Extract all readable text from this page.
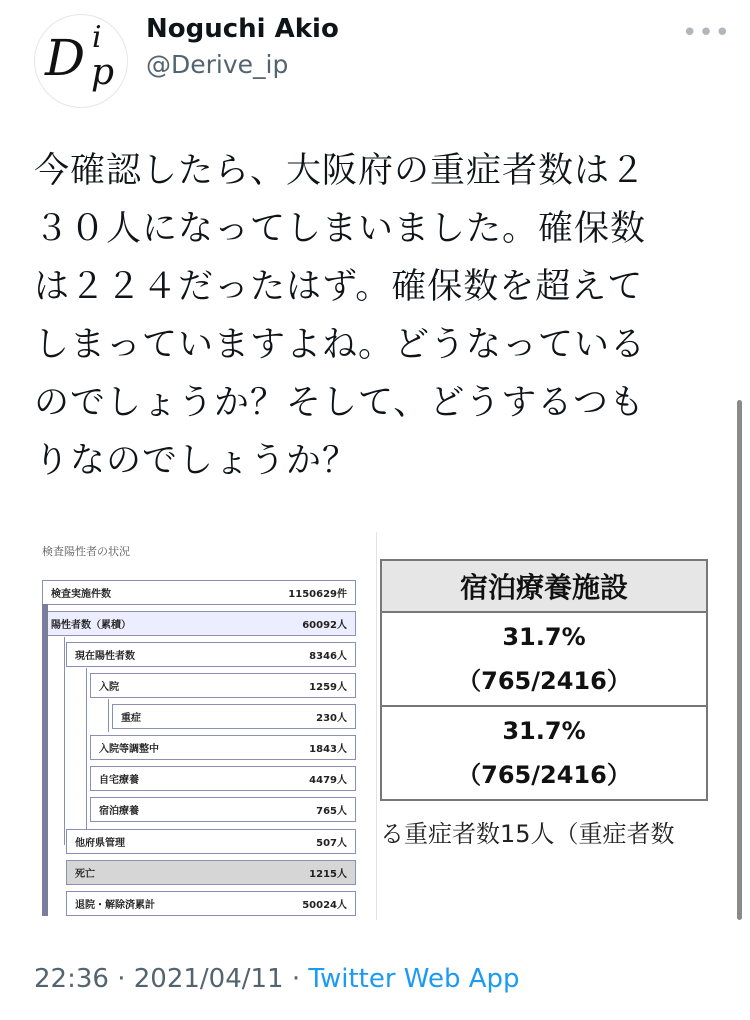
D i
p
Noguchi Akio
@Derive_ip
•••
今確認したら、大阪府の重症者数は２
３０人になってしまいました。確保数
は２２４だったはず。確保数を超えて
しまっていますよね。どうなっている
のでしょうか？そして、どうするつも
りなのでしょうか？
検査陽性者の状況
検査実施件数	1150629件
陽性者数（累積）	60092人
現在陽性者数	8346人
入院	1259人
重症	230人
入院等調整中	1843人
自宅療養	4479人
宿泊療養	765人
他府県管理	507人
死亡	1215人
退院・解除済累計	50024人
宿泊療養施設

31.7%
（765/2416）

31.7%
（765/2416）
る重症者数15人（重症者数
22:36 · 2021/04/11 · Twitter Web App
